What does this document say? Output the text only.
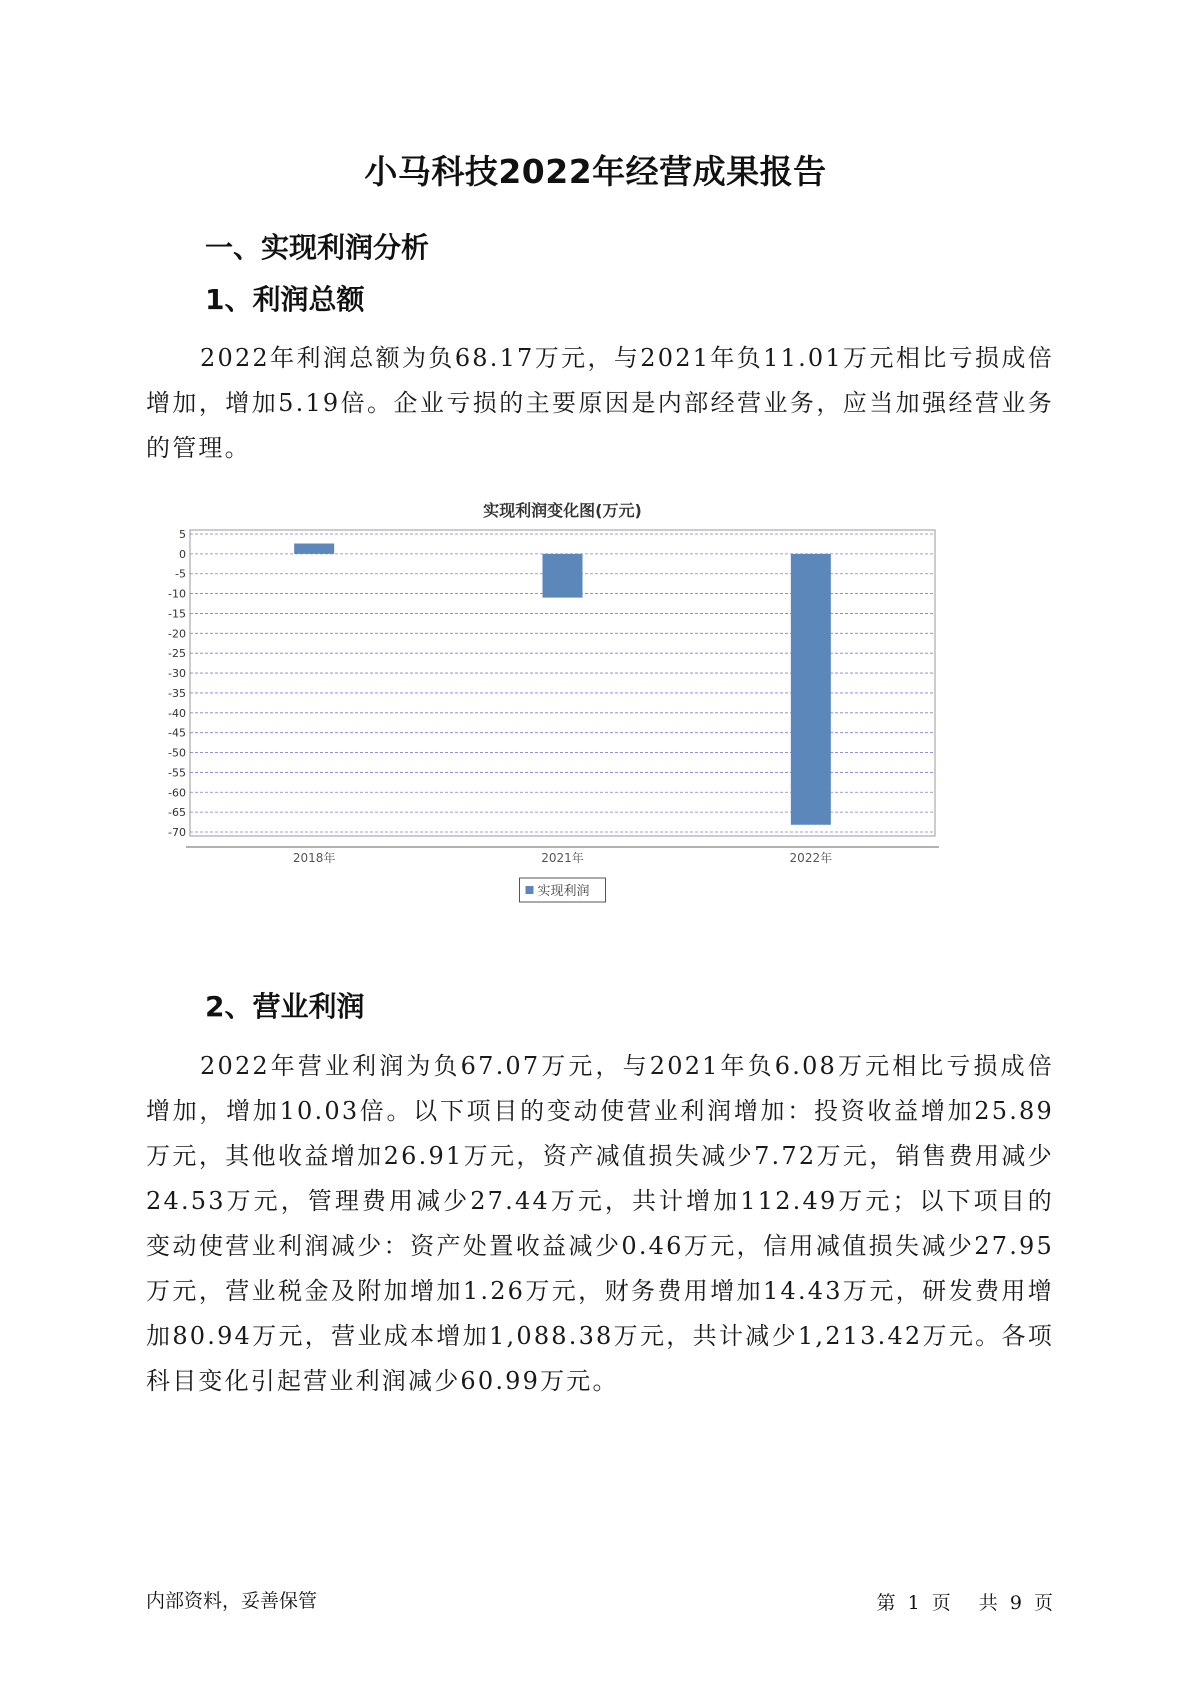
小马科技2022年经营成果报告
一、实现利润分析
1、利润总额

2022年利润总额为负68.17万元，与2021年负11.01万元相比亏损成倍增加，增加5.19倍。企业亏损的主要原因是内部经营业务，应当加强经营业务的管理。

实现利润变化图(万元)
5
0
-5
-10
-15
-20
-25
-30
-35
-40
-45
-50
-55
-60
-65
-70
2018年	2021年	2022年
实现利润
2、营业利润

2022年营业利润为负67.07万元，与2021年负6.08万元相比亏损成倍增加，增加10.03倍。以下项目的变动使营业利润增加：投资收益增加25.89万元，其他收益增加26.91万元，资产减值损失减少7.72万元，销售费用减少24.53万元，管理费用减少27.44万元，共计增加112.49万元；以下项目的变动使营业利润减少：资产处置收益减少0.46万元，信用减值损失减少27.95万元，营业税金及附加增加1.26万元，财务费用增加14.43万元，研发费用增加80.94万元，营业成本增加1,088.38万元，共计减少1,213.42万元。各项科目变化引起营业利润减少60.99万元。

内部资料，妥善保管	第 1 页 共 9 页
